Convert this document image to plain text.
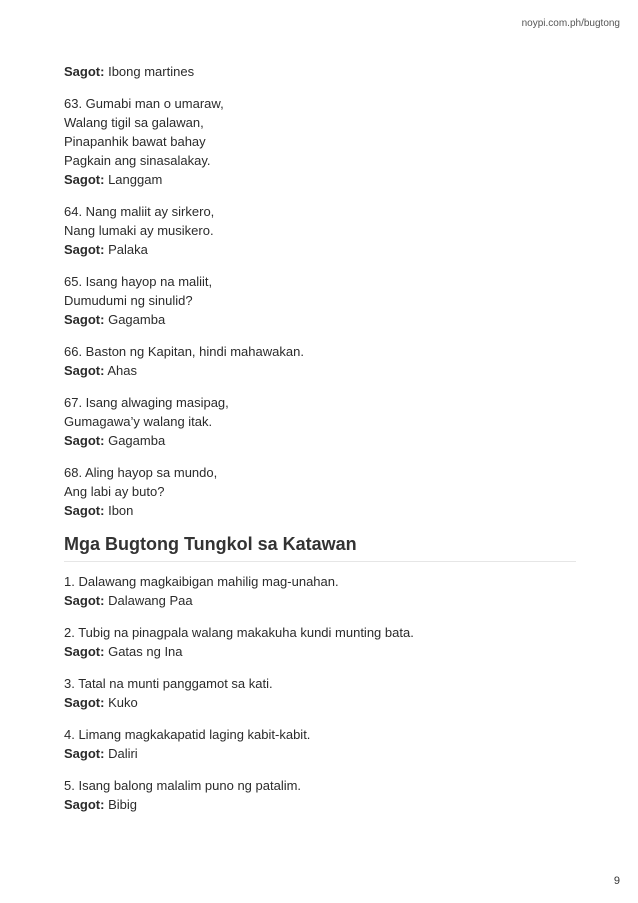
noypi.com.ph/bugtong
Sagot: Ibong martines
63. Gumabi man o umaraw,
Walang tigil sa galawan,
Pinapanhik bawat bahay
Pagkain ang sinasalakay.
Sagot: Langgam
64. Nang maliit ay sirkero,
Nang lumaki ay musikero.
Sagot: Palaka
65. Isang hayop na maliit,
Dumudumi ng sinulid?
Sagot: Gagamba
66. Baston ng Kapitan, hindi mahawakan.
Sagot: Ahas
67. Isang alwaging masipag,
Gumagawa’y walang itak.
Sagot: Gagamba
68. Aling hayop sa mundo,
Ang labi ay buto?
Sagot: Ibon
Mga Bugtong Tungkol sa Katawan
1. Dalawang magkaibigan mahilig mag-unahan.
Sagot: Dalawang Paa
2. Tubig na pinagpala walang makakuha kundi munting bata.
Sagot: Gatas ng Ina
3. Tatal na munti panggamot sa kati.
Sagot: Kuko
4. Limang magkakapatid laging kabit-kabit.
Sagot: Daliri
5. Isang balong malalim puno ng patalim.
Sagot: Bibig
9
